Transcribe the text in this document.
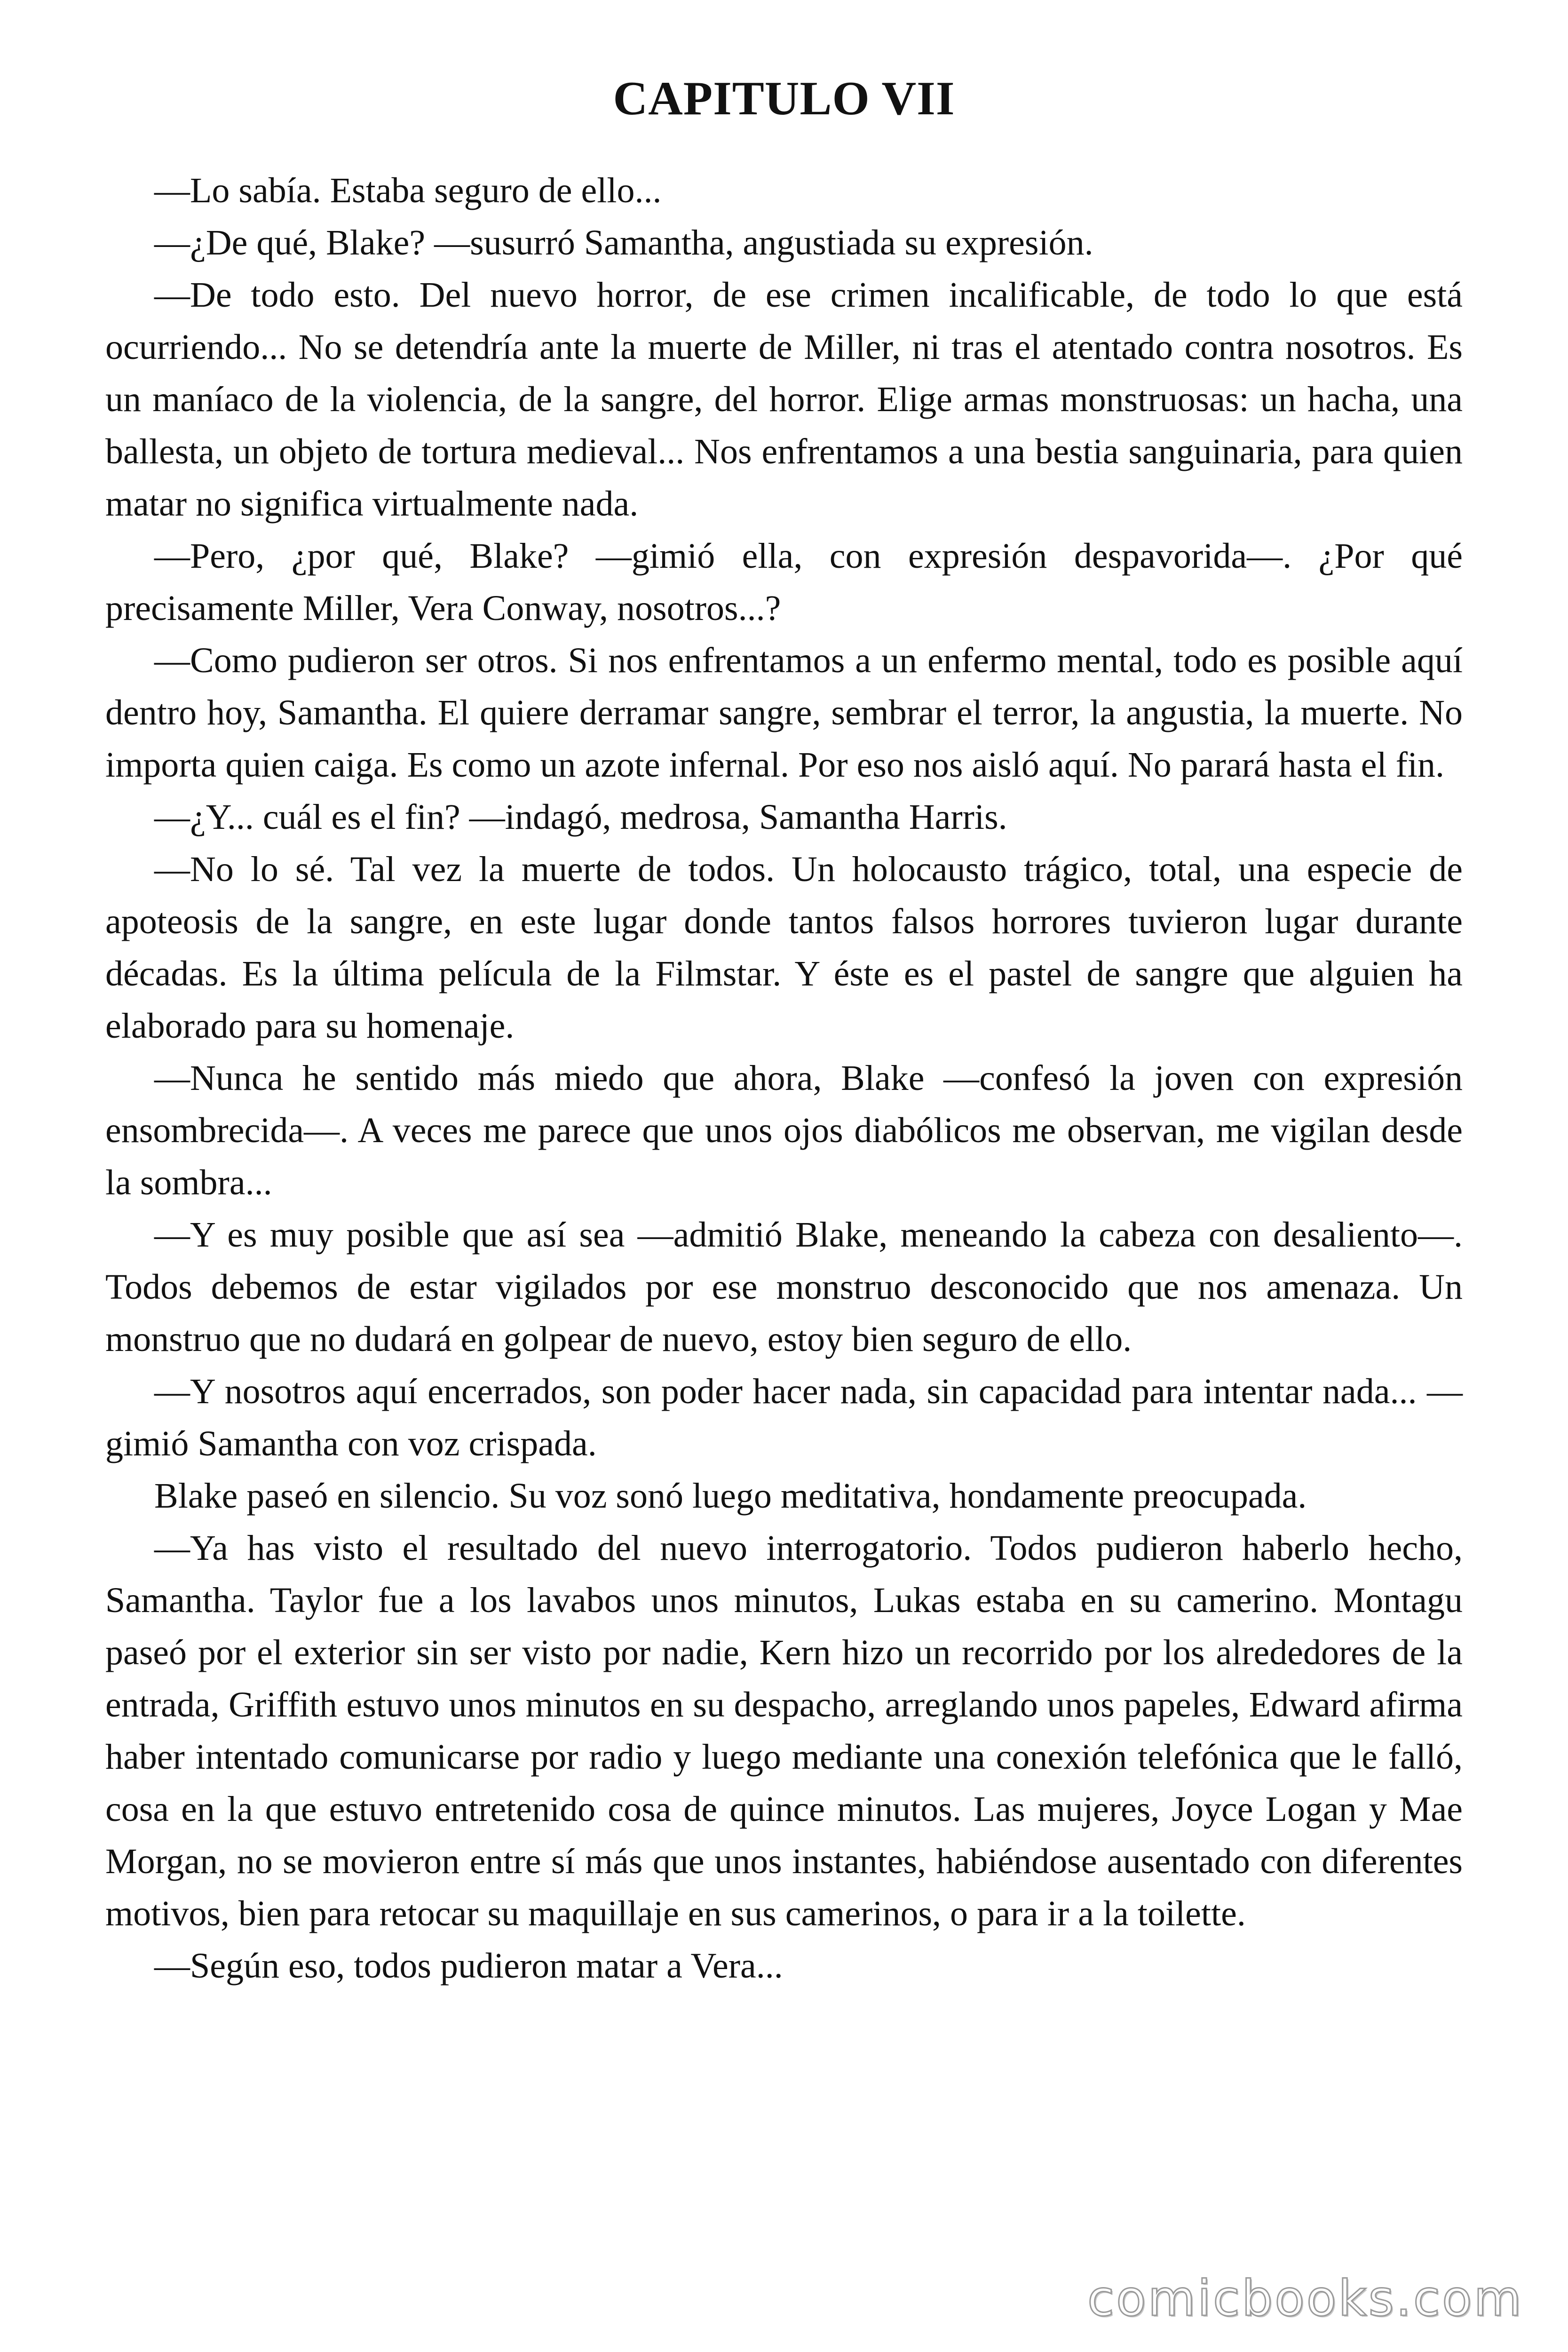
CAPITULO VII

—Lo sabía. Estaba seguro de ello...

—¿De qué, Blake? —susurró Samantha, angustiada su expresión.

—De todo esto. Del nuevo horror, de ese crimen incalificable, de todo lo que está ocurriendo... No se detendría ante la muerte de Miller, ni tras el atentado contra nosotros. Es un maníaco de la violencia, de la sangre, del horror. Elige armas monstruosas: un hacha, una ballesta, un objeto de tortura medieval... Nos enfrentamos a una bestia sanguinaria, para quien matar no significa virtualmente nada.

—Pero, ¿por qué, Blake? —gimió ella, con expresión despavorida—. ¿Por qué precisamente Miller, Vera Conway, nosotros...?

—Como pudieron ser otros. Si nos enfrentamos a un enfermo mental, todo es posible aquí dentro hoy, Samantha. El quiere derramar sangre, sembrar el terror, la angustia, la muerte. No importa quien caiga. Es como un azote infernal. Por eso nos aisló aquí. No parará hasta el fin.

—¿Y... cuál es el fin? —indagó, medrosa, Samantha Harris.

—No lo sé. Tal vez la muerte de todos. Un holocausto trágico, total, una especie de apoteosis de la sangre, en este lugar donde tantos falsos horrores tuvieron lugar durante décadas. Es la última película de la Filmstar. Y éste es el pastel de sangre que alguien ha elaborado para su homenaje.

—Nunca he sentido más miedo que ahora, Blake —confesó la joven con expresión ensombrecida—. A veces me parece que unos ojos diabólicos me observan, me vigilan desde la sombra...

—Y es muy posible que así sea —admitió Blake, meneando la cabeza con desaliento—. Todos debemos de estar vigilados por ese monstruo desconocido que nos amenaza. Un monstruo que no dudará en golpear de nuevo, estoy bien seguro de ello.

—Y nosotros aquí encerrados, son poder hacer nada, sin capacidad para intentar nada... —gimió Samantha con voz crispada.

Blake paseó en silencio. Su voz sonó luego meditativa, hondamente preocupada.

—Ya has visto el resultado del nuevo interrogatorio. Todos pudieron haberlo hecho, Samantha. Taylor fue a los lavabos unos minutos, Lukas estaba en su camerino. Montagu paseó por el exterior sin ser visto por nadie, Kern hizo un recorrido por los alrededores de la entrada, Griffith estuvo unos minutos en su despacho, arreglando unos papeles, Edward afirma haber intentado comunicarse por radio y luego mediante una conexión telefónica que le falló, cosa en la que estuvo entretenido cosa de quince minutos. Las mujeres, Joyce Logan y Mae Morgan, no se movieron entre sí más que unos instantes, habiéndose ausentado con diferentes motivos, bien para retocar su maquillaje en sus camerinos, o para ir a la toilette.

—Según eso, todos pudieron matar a Vera...

comicbooks.com
